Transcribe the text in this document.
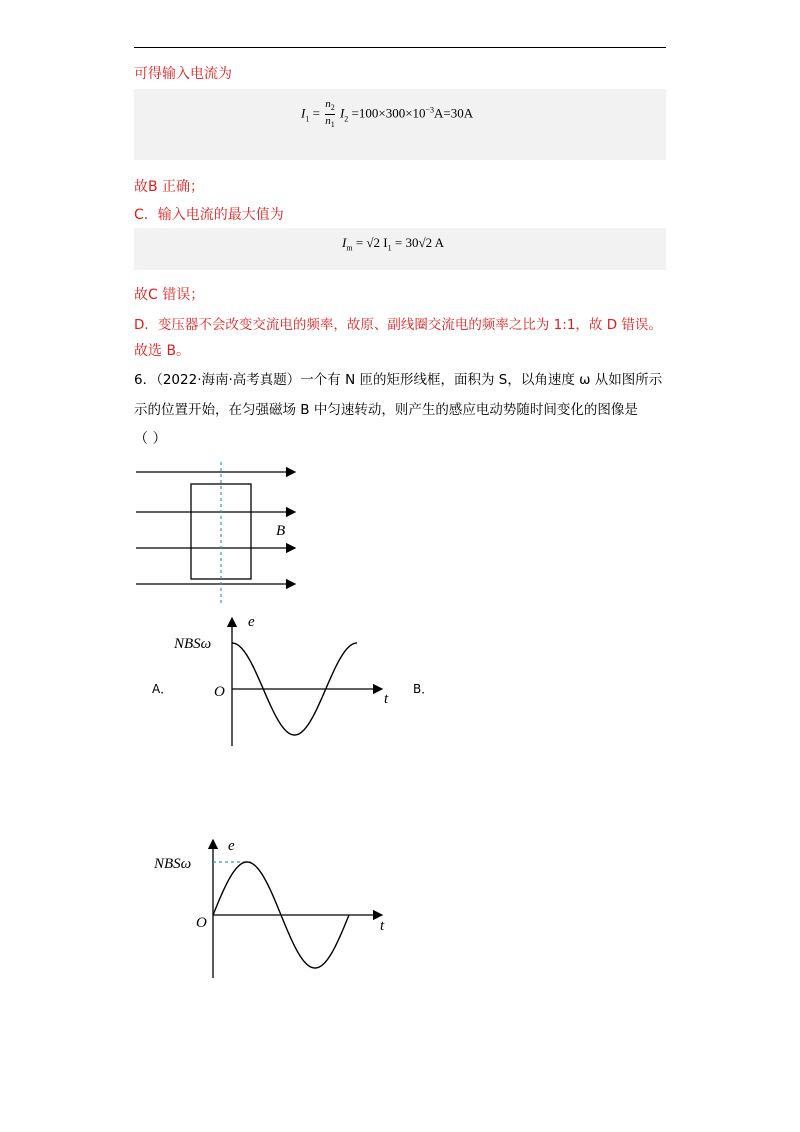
可得输入电流为
$I_1 = \frac{n_2}{n_1} I_2 =100\times 300\times 10^{-3}A=30A$
故B 正确；
C．输入电流的最大值为
$I_m = √2$ $I_1 = 30√2$ A
故C 错误；
D．变压器不会改变交流电的频率，故原、副线圈交流电的频率之比为 1:1，故 D 错误。
故选 B。
6．（2022·海南·高考真题）一个有 N 匝的矩形线框，面积为 S，以角速度 ω 从如图所示
示的位置开始，在匀强磁场 B 中匀速转动，则产生的感应电动势随时间变化的图像是
（ ）
B
A．	B．
e
t
O
NBSω
e
t
O
NBSω
